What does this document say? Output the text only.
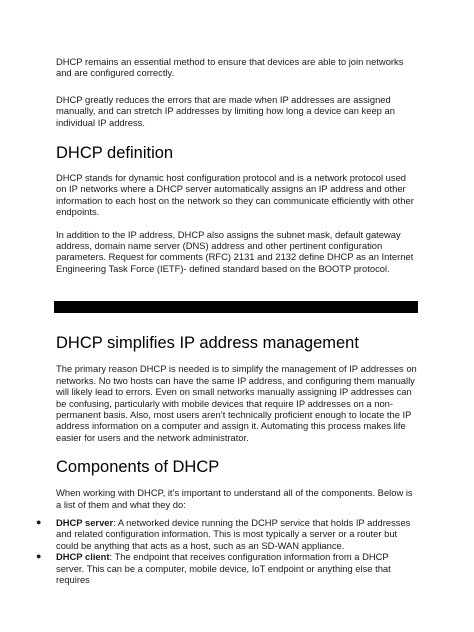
DHCP remains an essential method to ensure that devices are able to join networks and are configured correctly.

DHCP greatly reduces the errors that are made when IP addresses are assigned manually, and can stretch IP addresses by limiting how long a device can keep an individual IP address.

DHCP definition

DHCP stands for dynamic host configuration protocol and is a network protocol used on IP networks where a DHCP server automatically assigns an IP address and other information to each host on the network so they can communicate efficiently with other endpoints.

In addition to the IP address, DHCP also assigns the subnet mask, default gateway address, domain name server (DNS) address and other pertinent configuration parameters. Request for comments (RFC) 2131 and 2132 define DHCP as an Internet Engineering Task Force (IETF)- defined standard based on the BOOTP protocol.

DHCP simplifies IP address management

The primary reason DHCP is needed is to simplify the management of IP addresses on networks. No two hosts can have the same IP address, and configuring them manually will likely lead to errors. Even on small networks manually assigning IP addresses can be confusing, particularly with mobile devices that require IP addresses on a non-permanent basis. Also, most users aren’t technically proficient enough to locate the IP address information on a computer and assign it. Automating this process makes life easier for users and the network administrator.

Components of DHCP

When working with DHCP, it’s important to understand all of the components. Below is a list of them and what they do:

● DHCP server: A networked device running the DCHP service that holds IP addresses and related configuration information. This is most typically a server or a router but could be anything that acts as a host, such as an SD-WAN appliance.
● DHCP client: The endpoint that receives configuration information from a DHCP server. This can be a computer, mobile device, IoT endpoint or anything else that requires
